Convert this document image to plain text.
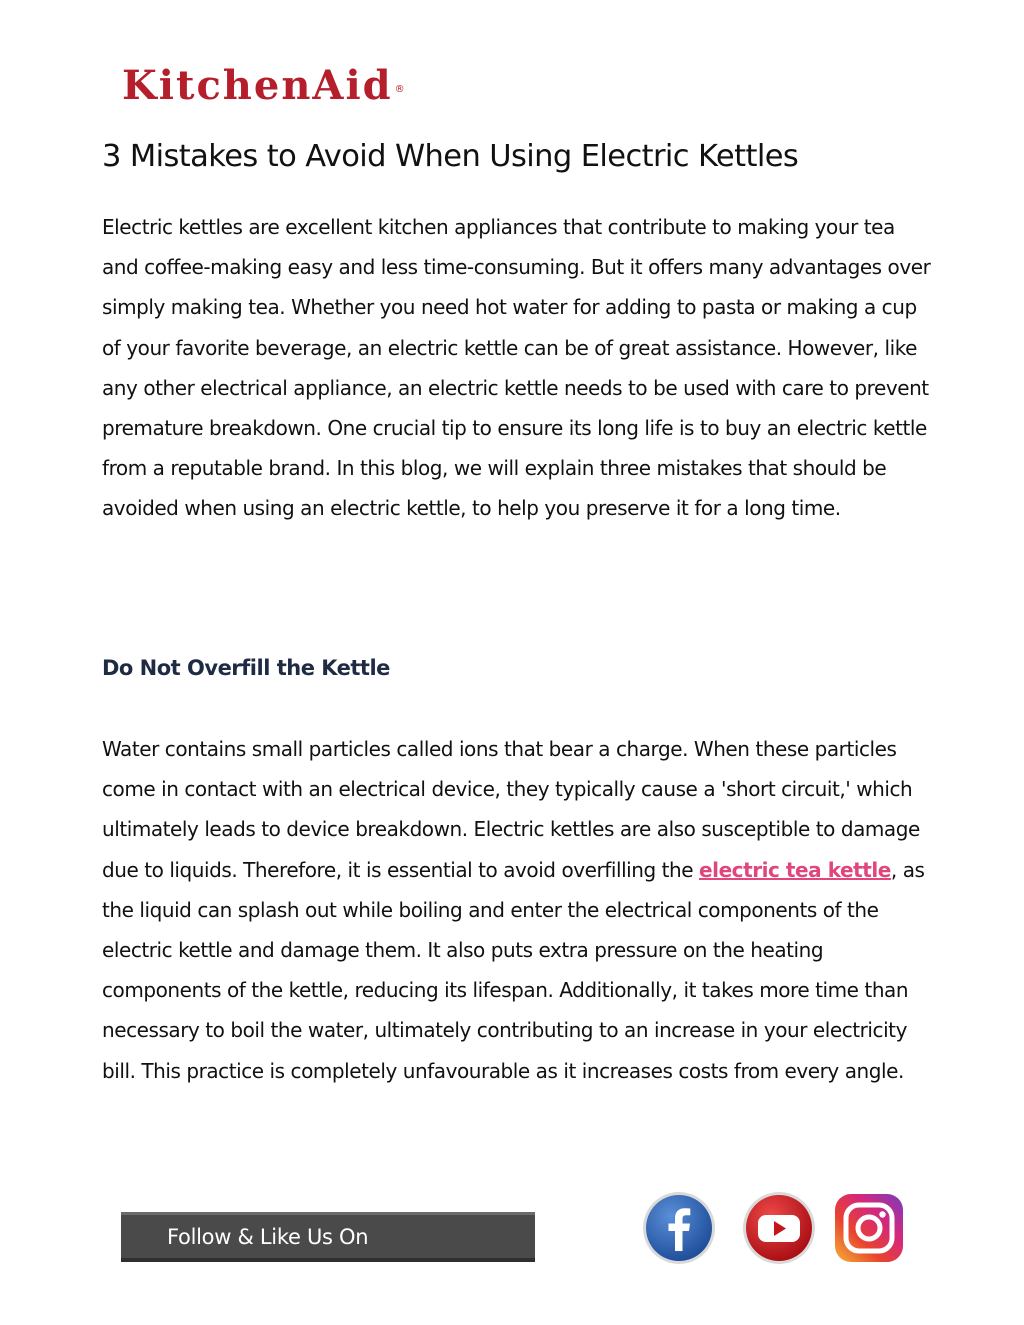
KitchenAid ®
3 Mistakes to Avoid When Using Electric Kettles

Electric kettles are excellent kitchen appliances that contribute to making your tea and coffee-making easy and less time-consuming. But it offers many advantages over simply making tea. Whether you need hot water for adding to pasta or making a cup of your favorite beverage, an electric kettle can be of great assistance. However, like any other electrical appliance, an electric kettle needs to be used with care to prevent premature breakdown. One crucial tip to ensure its long life is to buy an electric kettle from a reputable brand. In this blog, we will explain three mistakes that should be avoided when using an electric kettle, to help you preserve it for a long time.

Do Not Overfill the Kettle

Water contains small particles called ions that bear a charge. When these particles come in contact with an electrical device, they typically cause a 'short circuit,' which ultimately leads to device breakdown. Electric kettles are also susceptible to damage due to liquids. Therefore, it is essential to avoid overfilling the electric tea kettle, as the liquid can splash out while boiling and enter the electrical components of the electric kettle and damage them. It also puts extra pressure on the heating components of the kettle, reducing its lifespan. Additionally, it takes more time than necessary to boil the water, ultimately contributing to an increase in your electricity bill. This practice is completely unfavourable as it increases costs from every angle.

Follow & Like Us On
